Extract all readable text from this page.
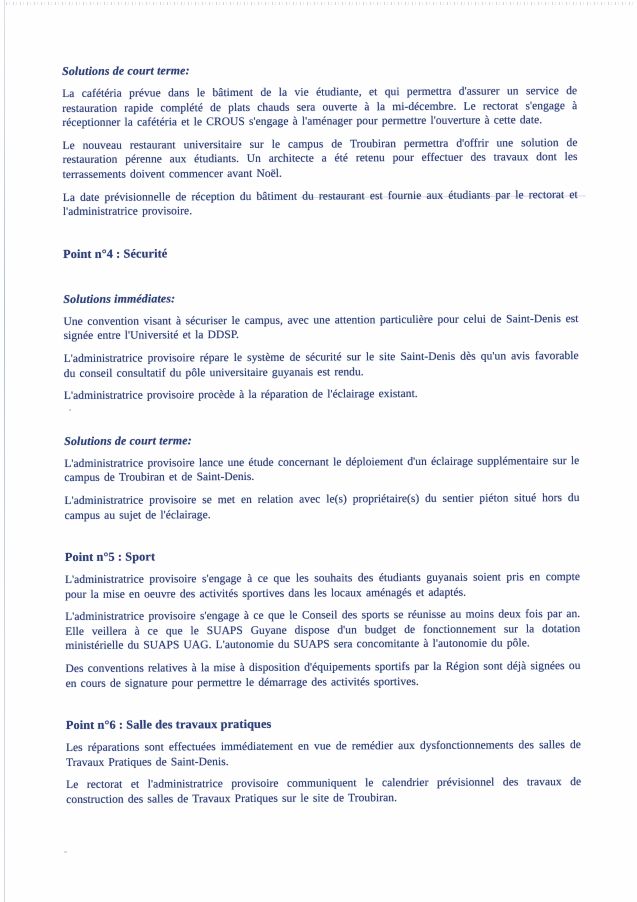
Solutions de court terme:

La cafétéria prévue dans le bâtiment de la vie étudiante, et qui permettra d'assurer un service de restauration rapide complété de plats chauds sera ouverte à la mi-décembre. Le rectorat s'engage à réceptionner la cafétéria et le CROUS s'engage à l'aménager pour permettre l'ouverture à cette date.

Le nouveau restaurant universitaire sur le campus de Troubiran permettra d'offrir une solution de restauration pérenne aux étudiants. Un architecte a été retenu pour effectuer des travaux dont les terrassements doivent commencer avant Noël.

La date prévisionnelle de réception du bâtiment du restaurant est fournie aux étudiants par le rectorat et l'administratrice provisoire.

Point n°4 : Sécurité

Solutions immédiates:

Une convention visant à sécuriser le campus, avec une attention particulière pour celui de Saint-Denis est signée entre l'Université et la DDSP.

L'administratrice provisoire répare le système de sécurité sur le site Saint-Denis dès qu'un avis favorable du conseil consultatif du pôle universitaire guyanais est rendu.

L'administratrice provisoire procède à la réparation de l'éclairage existant.

Solutions de court terme:

L'administratrice provisoire lance une étude concernant le déploiement d'un éclairage supplémentaire sur le campus de Troubiran et de Saint-Denis.

L'administratrice provisoire se met en relation avec le(s) propriétaire(s) du sentier piéton situé hors du campus au sujet de l'éclairage.

Point n°5 : Sport

L'administratrice provisoire s'engage à ce que les souhaits des étudiants guyanais soient pris en compte pour la mise en oeuvre des activités sportives dans les locaux aménagés et adaptés.

L'administratrice provisoire s'engage à ce que le Conseil des sports se réunisse au moins deux fois par an. Elle veillera à ce que le SUAPS Guyane dispose d'un budget de fonctionnement sur la dotation ministérielle du SUAPS UAG. L'autonomie du SUAPS sera concomitante à l'autonomie du pôle.

Des conventions relatives à la mise à disposition d'équipements sportifs par la Région sont déjà signées ou en cours de signature pour permettre le démarrage des activités sportives.

Point n°6 : Salle des travaux pratiques

Les réparations sont effectuées immédiatement en vue de remédier aux dysfonctionnements des salles de Travaux Pratiques de Saint-Denis.

Le rectorat et l'administratrice provisoire communiquent le calendrier prévisionnel des travaux de construction des salles de Travaux Pratiques sur le site de Troubiran.
